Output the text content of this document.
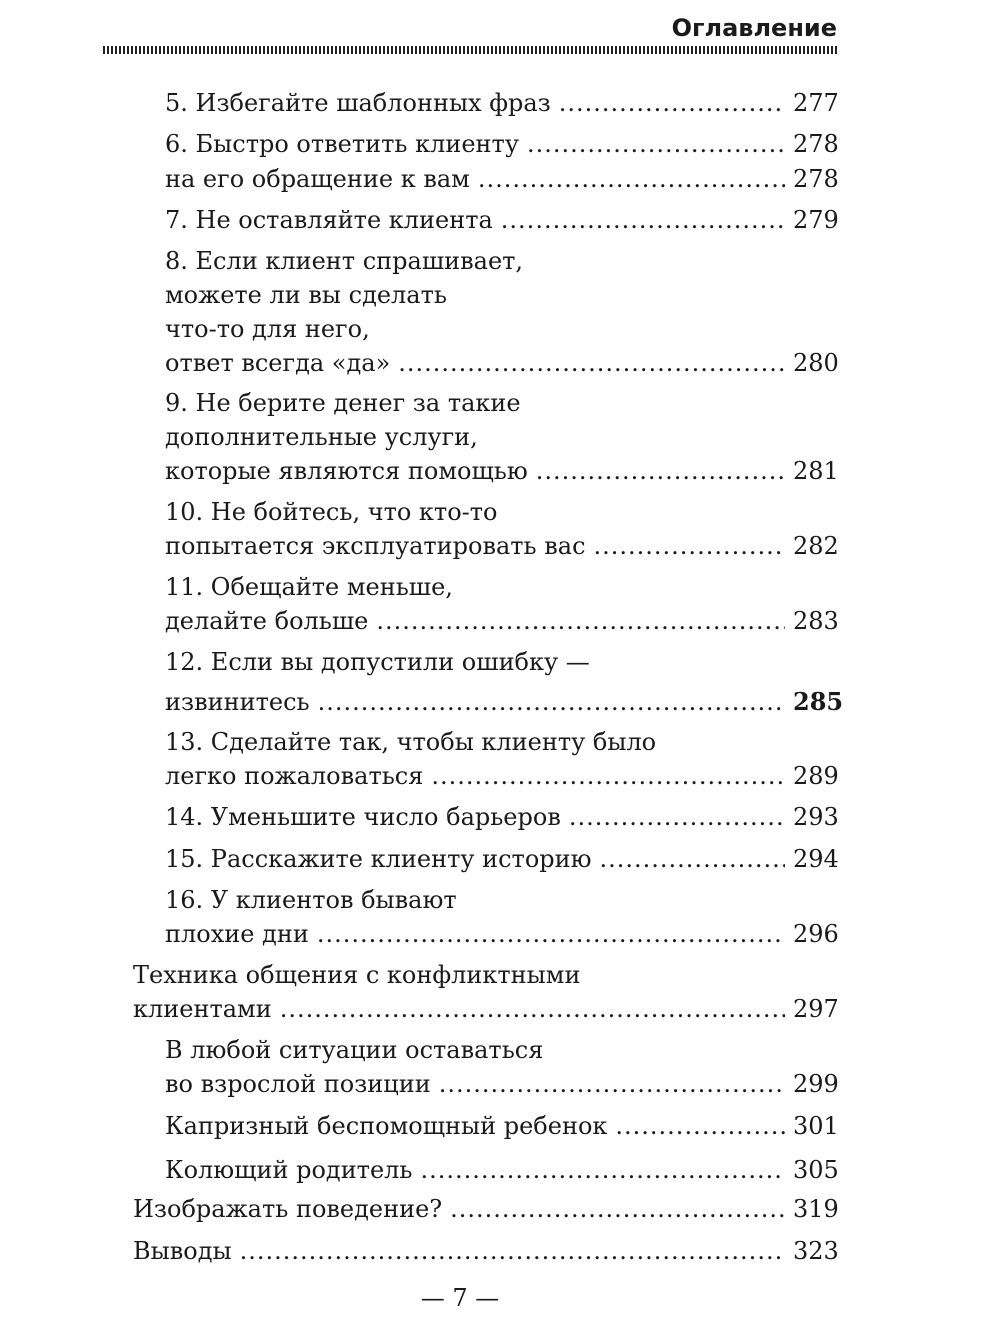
Оглавление
5. Избегайте шаблонных фраз .....	277
6. Быстро ответить клиенту .....	278
на его обращение к вам .....	278
7. Не оставляйте клиента .....	279
8. Если клиент спрашивает,
можете ли вы сделать
что-то для него,
ответ всегда «да» .....	280
9. Не берите денег за такие
дополнительные услуги,
которые являются помощью .....	281
10. Не бойтесь, что кто-то
попытается эксплуатировать вас .....	282
11. Обещайте меньше,
делайте больше .....	283
12. Если вы допустили ошибку —
извинитесь .....	285
13. Сделайте так, чтобы клиенту было
легко пожаловаться .....	289
14. Уменьшите число барьеров .....	293
15. Расскажите клиенту историю .....	294
16. У клиентов бывают
плохие дни .....	296
Техника общения с конфликтными
клиентами .....	297
В любой ситуации оставаться
во взрослой позиции .....	299
Капризный беспомощный ребенок .....	301
Колющий родитель .....	305
Изображать поведение? .....	319
Выводы .....	323
— 7 —
